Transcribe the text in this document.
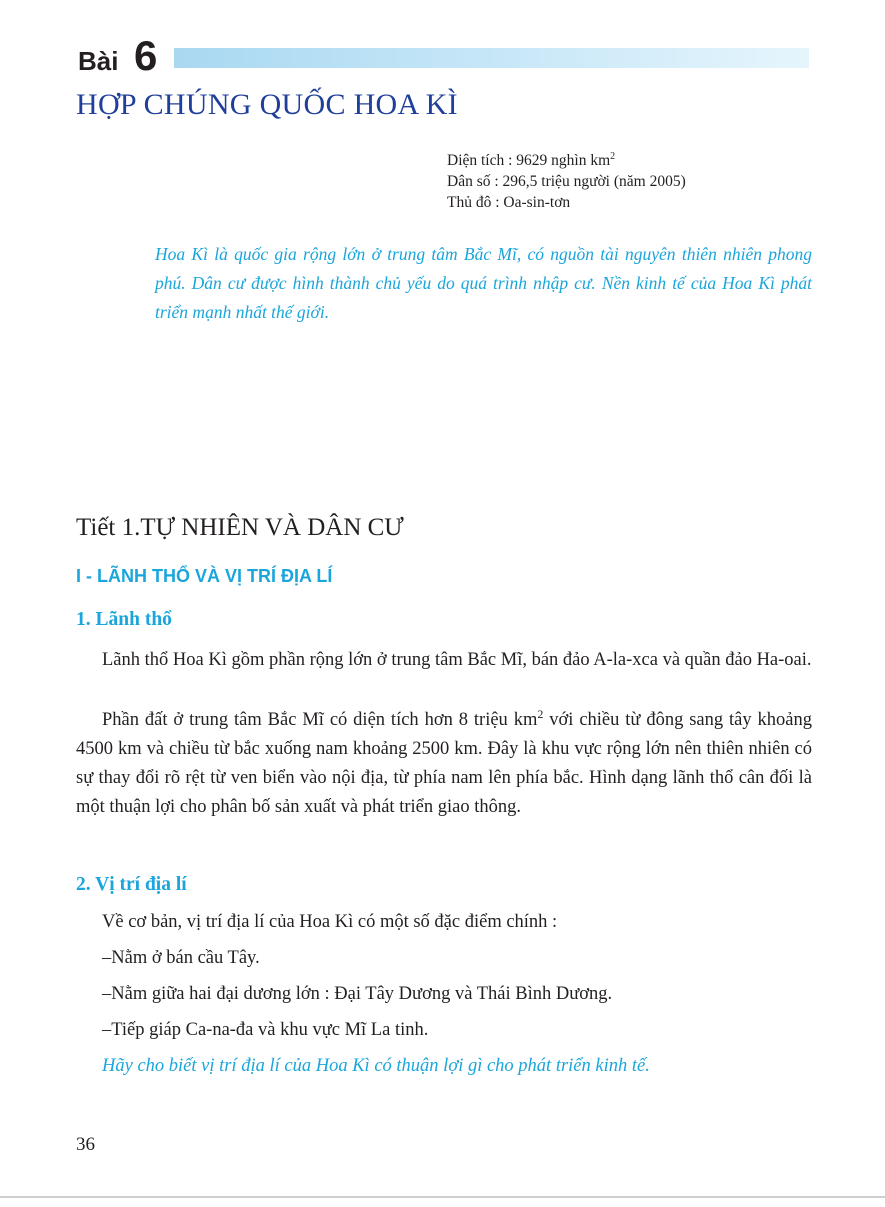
Bài 6
HỢP CHÚNG QUỐC HOA KÌ
Diện tích : 9629 nghìn $km^2$
Dân số : 296,5 triệu người (năm 2005)
Thủ đô : Oa-sin-tơn

Hoa Kì là quốc gia rộng lớn ở trung tâm Bắc Mĩ, có nguồn tài nguyên thiên nhiên phong phú. Dân cư được hình thành chủ yếu do quá trình nhập cư. Nền kinh tế của Hoa Kì phát triển mạnh nhất thế giới.

Tiết 1.TỰ NHIÊN VÀ DÂN CƯ
I - LÃNH THỔ VÀ VỊ TRÍ ĐỊA LÍ
1. Lãnh thổ

Lãnh thổ Hoa Kì gồm phần rộng lớn ở trung tâm Bắc Mĩ, bán đảo A-la-xca và quần đảo Ha-oai.

Phần đất ở trung tâm Bắc Mĩ có diện tích hơn 8 triệu $km^2$ với chiều từ đông sang tây khoảng 4500 km và chiều từ bắc xuống nam khoảng 2500 km. Đây là khu vực rộng lớn nên thiên nhiên có sự thay đổi rõ rệt từ ven biển vào nội địa, từ phía nam lên phía bắc. Hình dạng lãnh thổ cân đối là một thuận lợi cho phân bố sản xuất và phát triển giao thông.

2. Vị trí địa lí
Về cơ bản, vị trí địa lí của Hoa Kì có một số đặc điểm chính :
–Nằm ở bán cầu Tây.
–Nằm giữa hai đại dương lớn : Đại Tây Dương và Thái Bình Dương.
–Tiếp giáp Ca-na-đa và khu vực Mĩ La tinh.
Hãy cho biết vị trí địa lí của Hoa Kì có thuận lợi gì cho phát triển kinh tế.
36
